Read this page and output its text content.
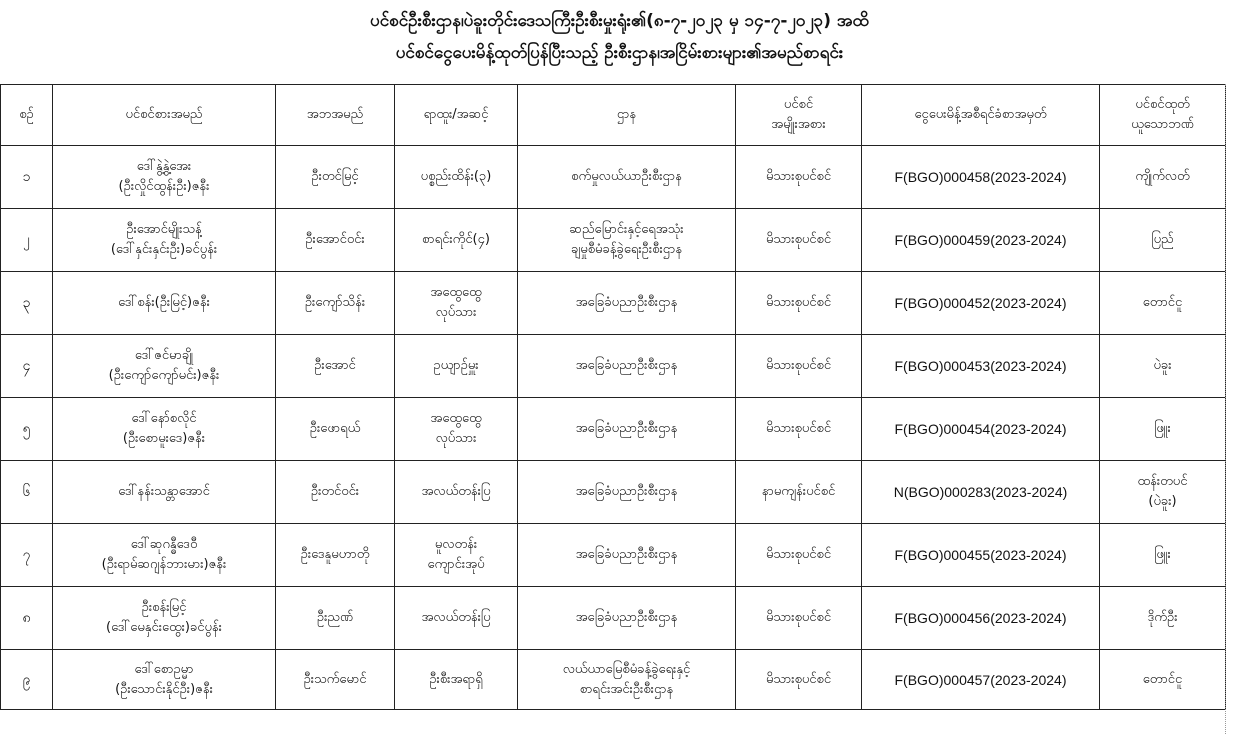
ပင်စင်ဦးစီးဌာန၊ပဲခူးတိုင်းဒေသကြီးဦးစီးမှုးရုံး၏(၈-၇-၂၀၂၃ မှ ၁၄-၇-၂၀၂၃) အထိ
ပင်စင်ငွေပေးမိန့်ထုတ်ပြန်ပြီးသည့် ဦးစီးဌာန၊အငြိမ်းစားများ၏အမည်စာရင်း
စဉ်	ပင်စင်စားအမည်	အဘအမည်	ရာထူး/အဆင့်	ဌာန	ပင်စင်
အမျိုးအစား	ငွေပေးမိန့်အစီရင်ခံစာအမှတ်	ပင်စင်ထုတ်
ယူသောဘဏ်

၁	ဒေါ်နွဲ့နွဲ့အေး
(ဦးလှိုင်ထွန်းဦး)ဇနီး	ဦးတင်မြင့်	ပစ္စည်းထိန်း(၃)	စက်မှုလယ်ယာဦးစီးဌာန	မိသားစုပင်စင်	F(BGO)000458(2023-2024)	ကျိုက်လတ်

၂	ဦးအောင်မျိုးသန့်
(ဒေါ်နှင်းနှင်းဦး)ခင်ပွန်း	ဦးအောင်ဝင်း	စာရင်းကိုင်(၄)	ဆည်မြောင်းနှင့်ရေအသုံး
ချမှုစီမံခန့်ခွဲရေးဦးစီးဌာန	မိသားစုပင်စင်	F(BGO)000459(2023-2024)	ပြည်

၃	ဒေါ်စန်း(ဦးမြင့်)ဇနီး	ဦးကျော်သိန်း	အထွေထွေ
လုပ်သား	အခြေခံပညာဦးစီးဌာန	မိသားစုပင်စင်	F(BGO)000452(2023-2024)	တောင်ငူ

၄	ဒေါ်ဇင်မာချို
(ဦးကျော်ကျော်မင်း)ဇနီး	ဦးအောင်	ဥယျာဉ်မှူး	အခြေခံပညာဦးစီးဌာန	မိသားစုပင်စင်	F(BGO)000453(2023-2024)	ပဲခူး

၅	ဒေါ်နော်စလိုင်
(ဦးစောမူးဒေ)ဇနီး	ဦးဖောရယ်	အထွေထွေ
လုပ်သား	အခြေခံပညာဦးစီးဌာန	မိသားစုပင်စင်	F(BGO)000454(2023-2024)	ဖြူး

၆	ဒေါ်နန်းသန္တာအောင်	ဦးတင်ဝင်း	အလယ်တန်းပြ	အခြေခံပညာဦးစီးဌာန	နာမကျန်းပင်စင်	N(BGO)000283(2023-2024)	ထန်းတပင်
(ပဲခူး)

၇	ဒေါ်ဆုဂန္ဓီဒေဝီ
(ဦးရာမ်ဆဂျန်ဘားမား)ဇနီး	ဦးဒေနူမဟာတို	မူလတန်း
ကျောင်းအုပ်	အခြေခံပညာဦးစီးဌာန	မိသားစုပင်စင်	F(BGO)000455(2023-2024)	ဖြူး

၈	ဦးစန်းမြင့်
(ဒေါ်မေနှင်းထွေး)ခင်ပွန်း	ဦးညဏ်	အလယ်တန်းပြ	အခြေခံပညာဦးစီးဌာန	မိသားစုပင်စင်	F(BGO)000456(2023-2024)	ဒိုက်ဦး

၉	ဒေါ်စောဥမ္မာ
(ဦးသောင်းနိုင်ဦး)ဇနီး	ဦးသက်မောင်	ဦးစီးအရာရှိ	လယ်ယာမြေစီမံခန့်ခွဲရေးနှင့်
စာရင်းအင်းဦးစီးဌာန	မိသားစုပင်စင်	F(BGO)000457(2023-2024)	တောင်ငူ
